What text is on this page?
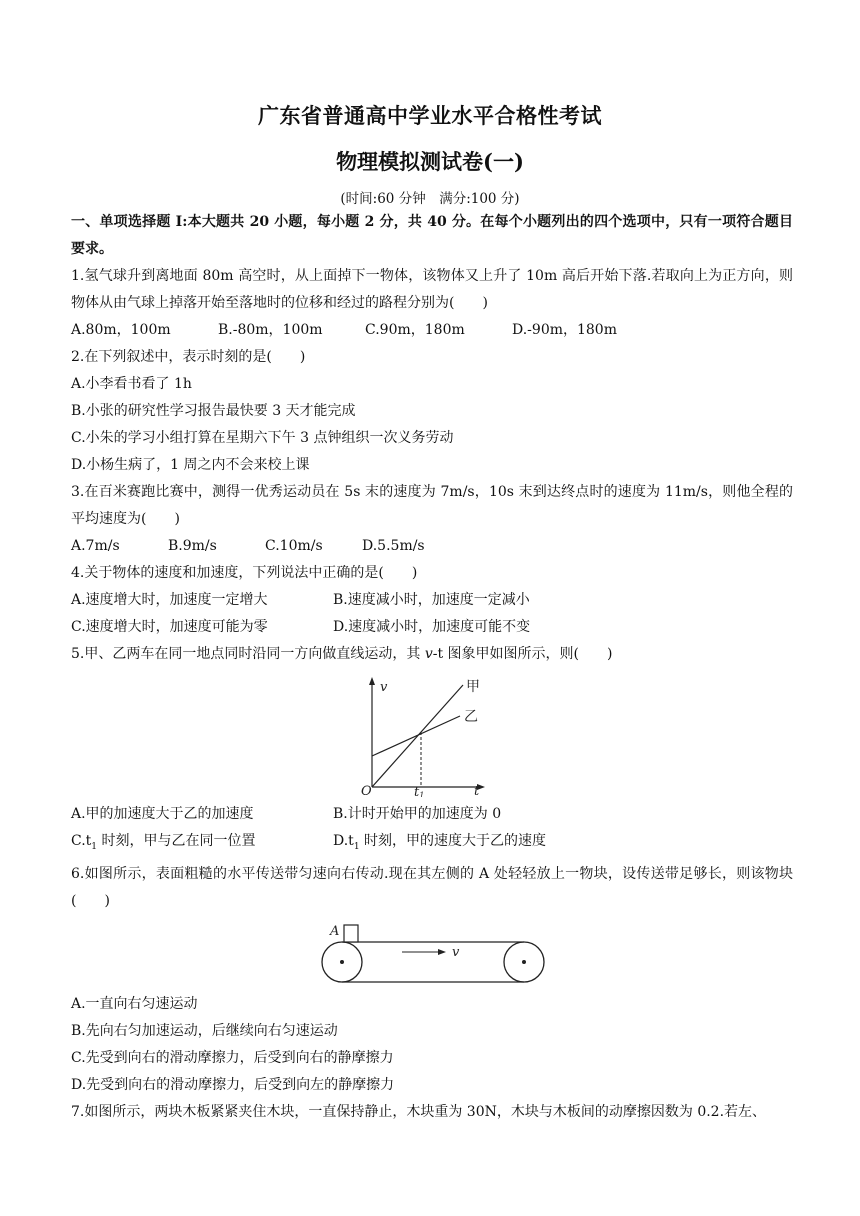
广东省普通高中学业水平合格性考试
物理模拟测试卷(一)
(时间:60 分钟　满分:100 分)

一、单项选择题 I:本大题共 20 小题，每小题 2 分，共 40 分。在每个小题列出的四个选项中，只有一项符合题目要求。

1.氢气球升到离地面 80m 高空时，从上面掉下一物体，该物体又上升了 10m 高后开始下落.若取向上为正方向，则物体从由气球上掉落开始至落地时的位移和经过的路程分别为(　　)

A.80m，100m	B.-80m，100m	C.90m，180m	D.-90m，180m

2.在下列叙述中，表示时刻的是(　　)

A.小李看书看了 1h

B.小张的研究性学习报告最快要 3 天才能完成

C.小朱的学习小组打算在星期六下午 3 点钟组织一次义务劳动

D.小杨生病了，1 周之内不会来校上课

3.在百米赛跑比赛中，测得一优秀运动员在 5s 末的速度为 7m/s，10s 末到达终点时的速度为 11m/s，则他全程的平均速度为(　　)

A.7m/s	B.9m/s	C.10m/s	D.5.5m/s

4.关于物体的速度和加速度，下列说法中正确的是(　　)

A.速度增大时，加速度一定增大	B.速度减小时，加速度一定减小
C.速度增大时，加速度可能为零	D.速度减小时，加速度可能不变

5.甲、乙两车在同一地点同时沿同一方向做直线运动，其 v-t 图象甲如图所示，则(　　)

v
t
O	t1
甲
乙
A.甲的加速度大于乙的加速度	B.计时开始甲的加速度为 0
$C.t_1$ 时刻，甲与乙在同一位置	$D.t_1$ 时刻，甲的速度大于乙的速度

6.如图所示，表面粗糙的水平传送带匀速向右传动.现在其左侧的 A 处轻轻放上一物块，设传送带足够长，则该物块(　　)

A
v

A.一直向右匀速运动

B.先向右匀加速运动，后继续向右匀速运动

C.先受到向右的滑动摩擦力，后受到向右的静摩擦力

D.先受到向右的滑动摩擦力，后受到向左的静摩擦力

7.如图所示，两块木板紧紧夹住木块，一直保持静止，木块重为 30N，木块与木板间的动摩擦因数为 0.2.若左、
